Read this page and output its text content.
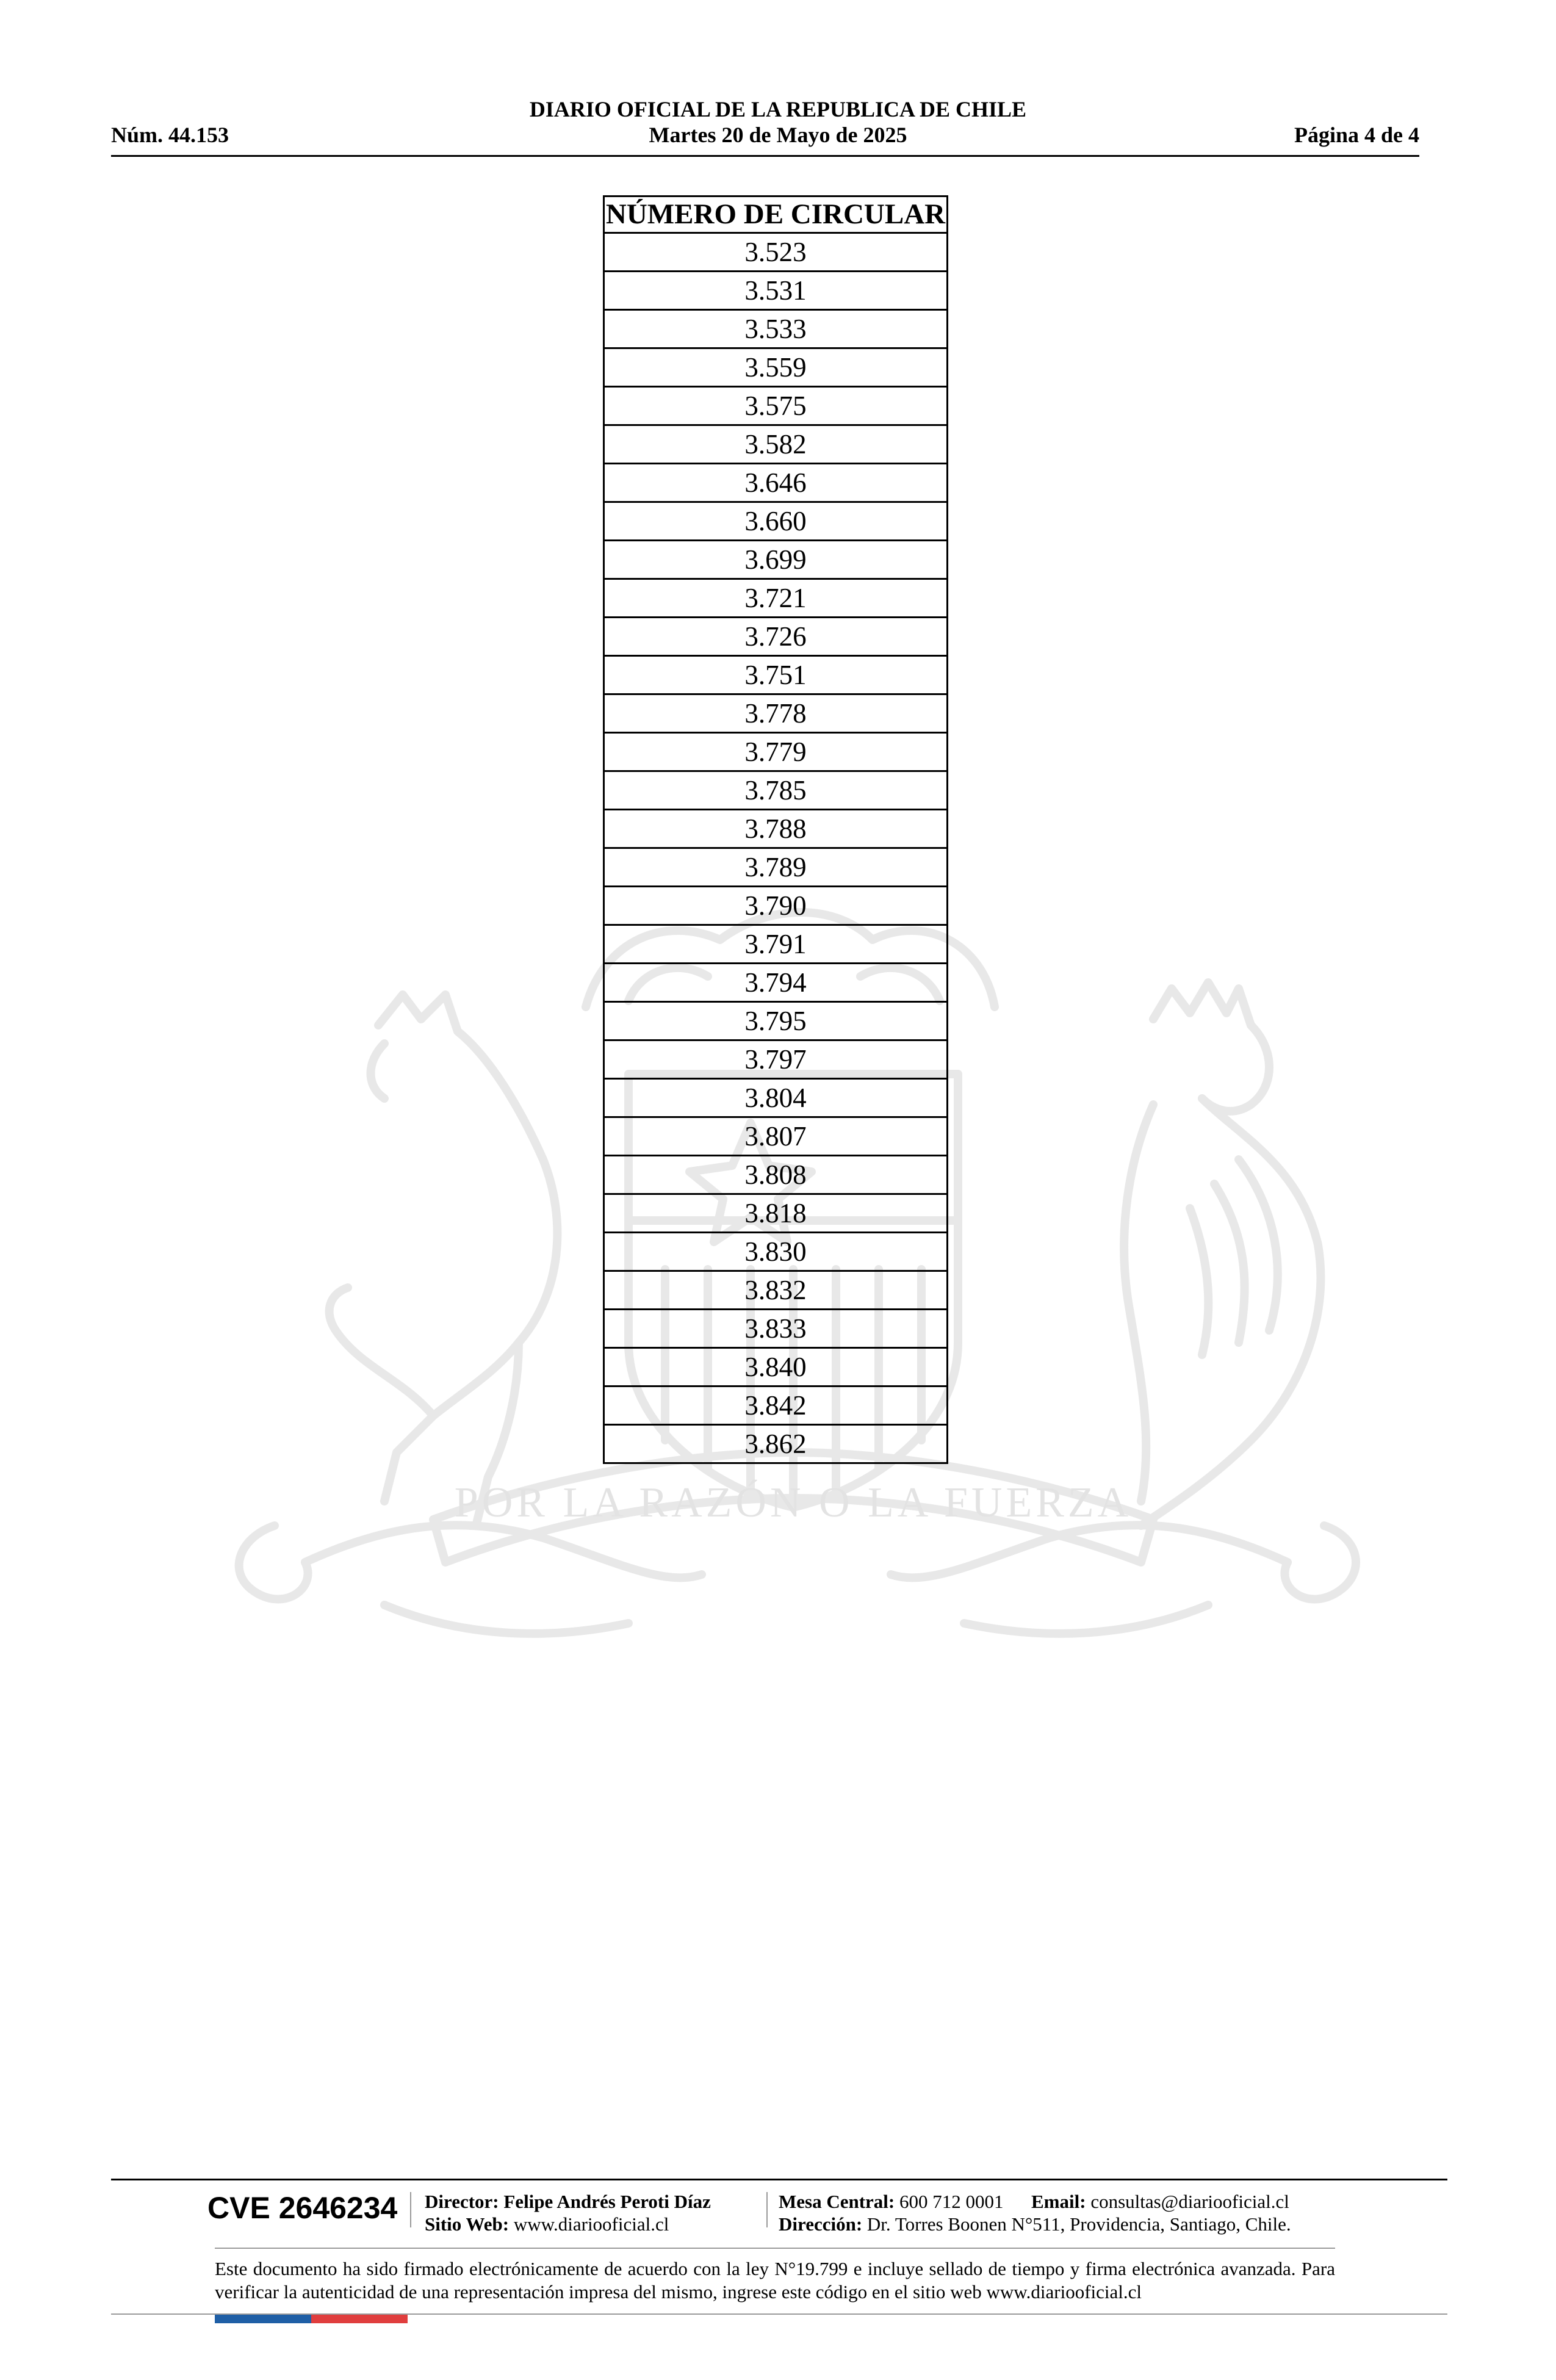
DIARIO OFICIAL DE LA REPUBLICA DE CHILE
Martes 20 de Mayo de 2025
Núm. 44.153	Página 4 de 4
POR LA RAZÓN O LA FUERZA
NÚMERO DE CIRCULAR
3.523
3.531
3.533
3.559
3.575
3.582
3.646
3.660
3.699
3.721
3.726
3.751
3.778
3.779
3.785
3.788
3.789
3.790
3.791
3.794
3.795
3.797
3.804
3.807
3.808
3.818
3.830
3.832
3.833
3.840
3.842
3.862
CVE 2646234 Director: Felipe Andrés Peroti Díaz
Sitio Web: www.diariooficial.cl
Mesa Central: 600 712 0001 Email: consultas@diariooficial.cl
Dirección: Dr. Torres Boonen N°511, Providencia, Santiago, Chile.
Este documento ha sido firmado electrónicamente de acuerdo con la ley N°19.799 e incluye sellado de tiempo y firma electrónica avanzada. Para verificar la autenticidad de una representación impresa del mismo, ingrese este código en el sitio web www.diariooficial.cl
